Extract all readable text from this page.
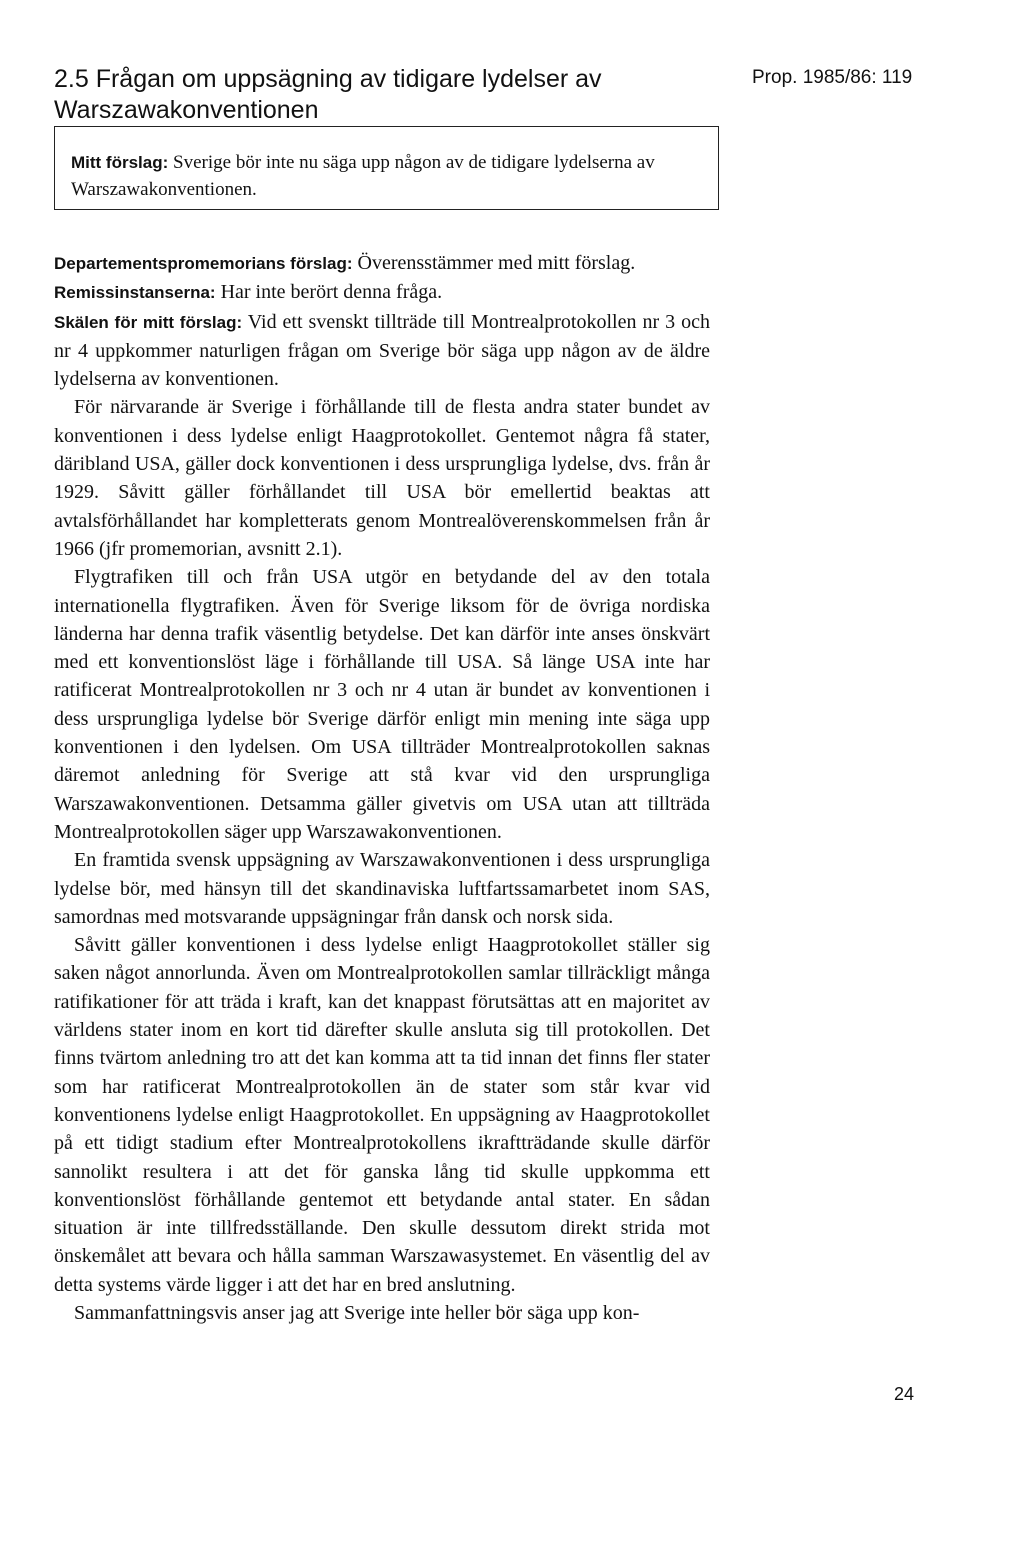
2.5 Frågan om uppsägning av tidigare lydelser av Warszawakonventionen
Prop. 1985/86: 119
Mitt förslag: Sverige bör inte nu säga upp någon av de tidigare lydelserna av Warszawakonventionen.

Departementspromemorians förslag: Överensstämmer med mitt förslag.

Remissinstanserna: Har inte berört denna fråga.

Skälen för mitt förslag: Vid ett svenskt tillträde till Montrealprotokollen nr 3 och nr 4 uppkommer naturligen frågan om Sverige bör säga upp någon av de äldre lydelserna av konventionen.

För närvarande är Sverige i förhållande till de flesta andra stater bundet av konventionen i dess lydelse enligt Haagprotokollet. Gentemot några få stater, däribland USA, gäller dock konventionen i dess ursprungliga lydelse, dvs. från år 1929. Såvitt gäller förhållandet till USA bör emellertid beaktas att avtalsförhållandet har kompletterats genom Montrealöverenskommelsen från år 1966 (jfr promemorian, avsnitt 2.1).

Flygtrafiken till och från USA utgör en betydande del av den totala internationella flygtrafiken. Även för Sverige liksom för de övriga nordiska länderna har denna trafik väsentlig betydelse. Det kan därför inte anses önskvärt med ett konventionslöst läge i förhållande till USA. Så länge USA inte har ratificerat Montrealprotokollen nr 3 och nr 4 utan är bundet av konventionen i dess ursprungliga lydelse bör Sverige därför enligt min mening inte säga upp konventionen i den lydelsen. Om USA tillträder Montrealprotokollen saknas däremot anledning för Sverige att stå kvar vid den ursprungliga Warszawakonventionen. Detsamma gäller givetvis om USA utan att tillträda Montrealprotokollen säger upp Warszawakonventionen.

En framtida svensk uppsägning av Warszawakonventionen i dess ursprungliga lydelse bör, med hänsyn till det skandinaviska luftfartssamarbetet inom SAS, samordnas med motsvarande uppsägningar från dansk och norsk sida.

Såvitt gäller konventionen i dess lydelse enligt Haagprotokollet ställer sig saken något annorlunda. Även om Montrealprotokollen samlar tillräckligt många ratifikationer för att träda i kraft, kan det knappast förutsättas att en majoritet av världens stater inom en kort tid därefter skulle ansluta sig till protokollen. Det finns tvärtom anledning tro att det kan komma att ta tid innan det finns fler stater som har ratificerat Montrealprotokollen än de stater som står kvar vid konventionens lydelse enligt Haagprotokollet. En uppsägning av Haagprotokollet på ett tidigt stadium efter Montrealprotokollens ikraftträdande skulle därför sannolikt resultera i att det för ganska lång tid skulle uppkomma ett konventionslöst förhållande gentemot ett betydande antal stater. En sådan situation är inte tillfredsställande. Den skulle dessutom direkt strida mot önskemålet att bevara och hålla samman Warszawasystemet. En väsentlig del av detta systems värde ligger i att det har en bred anslutning.

Sammanfattningsvis anser jag att Sverige inte heller bör säga upp kon-

24
